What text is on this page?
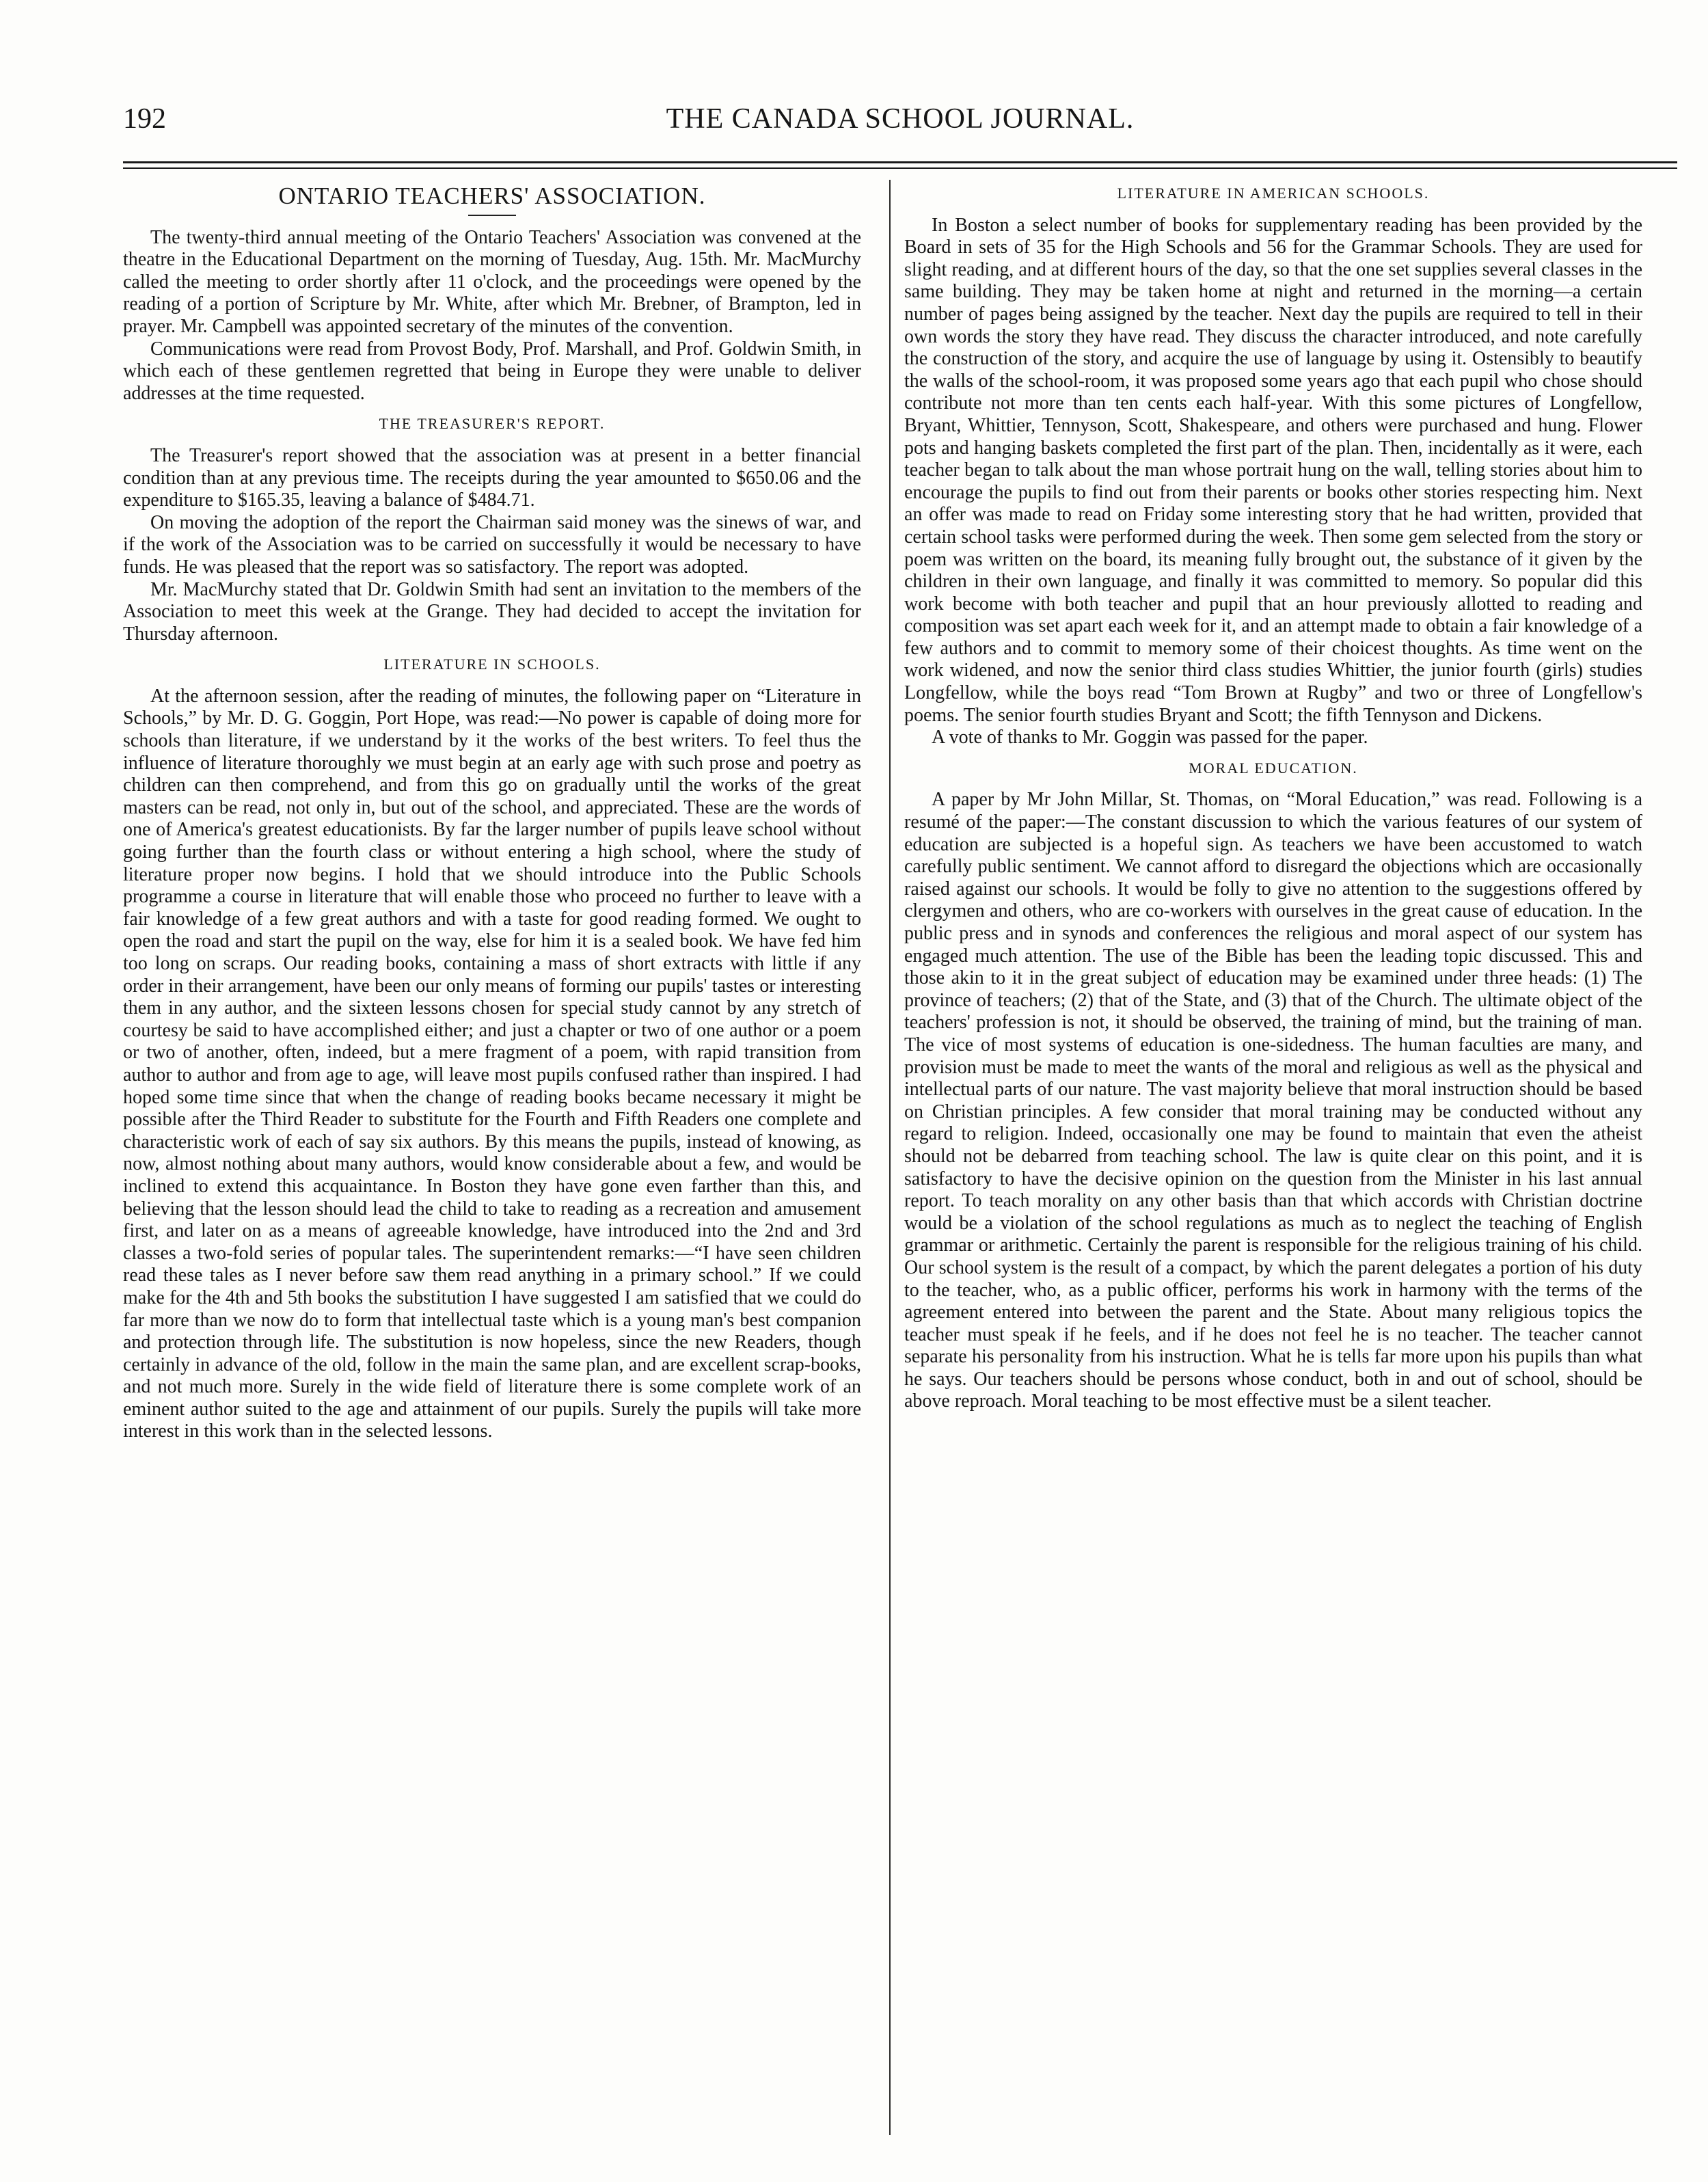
192	THE CANADA SCHOOL JOURNAL.
ONTARIO TEACHERS' ASSOCIATION.

The twenty-third annual meeting of the Ontario Teachers' Association was convened at the theatre in the Educational Department on the morning of Tuesday, Aug. 15th. Mr. MacMurchy called the meeting to order shortly after 11 o'clock, and the proceedings were opened by the reading of a portion of Scripture by Mr. White, after which Mr. Brebner, of Brampton, led in prayer. Mr. Campbell was appointed secretary of the minutes of the convention.

Communications were read from Provost Body, Prof. Marshall, and Prof. Goldwin Smith, in which each of these gentlemen regretted that being in Europe they were unable to deliver addresses at the time requested.

THE TREASURER'S REPORT.

The Treasurer's report showed that the association was at present in a better financial condition than at any previous time. The receipts during the year amounted to $650.06 and the expenditure to $165.35, leaving a balance of $484.71.

On moving the adoption of the report the Chairman said money was the sinews of war, and if the work of the Association was to be carried on successfully it would be necessary to have funds. He was pleased that the report was so satisfactory. The report was adopted.

Mr. MacMurchy stated that Dr. Goldwin Smith had sent an invitation to the members of the Association to meet this week at the Grange. They had decided to accept the invitation for Thursday afternoon.

LITERATURE IN SCHOOLS.

At the afternoon session, after the reading of minutes, the following paper on “Literature in Schools,” by Mr. D. G. Goggin, Port Hope, was read:—No power is capable of doing more for schools than literature, if we understand by it the works of the best writers. To feel thus the influence of literature thoroughly we must begin at an early age with such prose and poetry as children can then comprehend, and from this go on gradually until the works of the great masters can be read, not only in, but out of the school, and appreciated. These are the words of one of America's greatest educationists. By far the larger number of pupils leave school without going further than the fourth class or without entering a high school, where the study of literature proper now begins. I hold that we should introduce into the Public Schools programme a course in literature that will enable those who proceed no further to leave with a fair knowledge of a few great authors and with a taste for good reading formed. We ought to open the road and start the pupil on the way, else for him it is a sealed book. We have fed him too long on scraps. Our reading books, containing a mass of short extracts with little if any order in their arrangement, have been our only means of forming our pupils' tastes or interesting them in any author, and the sixteen lessons chosen for special study cannot by any stretch of courtesy be said to have accomplished either; and just a chapter or two of one author or a poem or two of another, often, indeed, but a mere fragment of a poem, with rapid transition from author to author and from age to age, will leave most pupils confused rather than inspired. I had hoped some time since that when the change of reading books became necessary it might be possible after the Third Reader to substitute for the Fourth and Fifth Readers one complete and characteristic work of each of say six authors. By this means the pupils, instead of knowing, as now, almost nothing about many authors, would know considerable about a few, and would be inclined to extend this acquaintance. In Boston they have gone even farther than this, and believing that the lesson should lead the child to take to reading as a recreation and amusement first, and later on as a means of agreeable knowledge, have introduced into the 2nd and 3rd classes a two-fold series of popular tales. The superintendent remarks:—“I have seen children read these tales as I never before saw them read anything in a primary school.” If we could make for the 4th and 5th books the substitution I have suggested I am satisfied that we could do far more than we now do to form that intellectual taste which is a young man's best companion and protection through life. The substitution is now hopeless, since the new Readers, though certainly in advance of the old, follow in the main the same plan, and are excellent scrap-books, and not much more. Surely in the wide field of literature there is some complete work of an eminent author suited to the age and attainment of our pupils. Surely the pupils will take more interest in this work than in the selected lessons.

LITERATURE IN AMERICAN SCHOOLS.

In Boston a select number of books for supplementary reading has been provided by the Board in sets of 35 for the High Schools and 56 for the Grammar Schools. They are used for slight reading, and at different hours of the day, so that the one set supplies several classes in the same building. They may be taken home at night and returned in the morning—a certain number of pages being assigned by the teacher. Next day the pupils are required to tell in their own words the story they have read. They discuss the character introduced, and note carefully the construction of the story, and acquire the use of language by using it. Ostensibly to beautify the walls of the school-room, it was proposed some years ago that each pupil who chose should contribute not more than ten cents each half-year. With this some pictures of Longfellow, Bryant, Whittier, Tennyson, Scott, Shakespeare, and others were purchased and hung. Flower pots and hanging baskets completed the first part of the plan. Then, incidentally as it were, each teacher began to talk about the man whose portrait hung on the wall, telling stories about him to encourage the pupils to find out from their parents or books other stories respecting him. Next an offer was made to read on Friday some interesting story that he had written, provided that certain school tasks were performed during the week. Then some gem selected from the story or poem was written on the board, its meaning fully brought out, the substance of it given by the children in their own language, and finally it was committed to memory. So popular did this work become with both teacher and pupil that an hour previously allotted to reading and composition was set apart each week for it, and an attempt made to obtain a fair knowledge of a few authors and to commit to memory some of their choicest thoughts. As time went on the work widened, and now the senior third class studies Whittier, the junior fourth (girls) studies Longfellow, while the boys read “Tom Brown at Rugby” and two or three of Longfellow's poems. The senior fourth studies Bryant and Scott; the fifth Tennyson and Dickens.

A vote of thanks to Mr. Goggin was passed for the paper.

MORAL EDUCATION.

A paper by Mr John Millar, St. Thomas, on “Moral Education,” was read. Following is a resumé of the paper:—The constant discussion to which the various features of our system of education are subjected is a hopeful sign. As teachers we have been accustomed to watch carefully public sentiment. We cannot afford to disregard the objections which are occasionally raised against our schools. It would be folly to give no attention to the suggestions offered by clergymen and others, who are co-workers with ourselves in the great cause of education. In the public press and in synods and conferences the religious and moral aspect of our system has engaged much attention. The use of the Bible has been the leading topic discussed. This and those akin to it in the great subject of education may be examined under three heads: (1) The province of teachers; (2) that of the State, and (3) that of the Church. The ultimate object of the teachers' profession is not, it should be observed, the training of mind, but the training of man. The vice of most systems of education is one-sidedness. The human faculties are many, and provision must be made to meet the wants of the moral and religious as well as the physical and intellectual parts of our nature. The vast majority believe that moral instruction should be based on Christian principles. A few consider that moral training may be conducted without any regard to religion. Indeed, occasionally one may be found to maintain that even the atheist should not be debarred from teaching school. The law is quite clear on this point, and it is satisfactory to have the decisive opinion on the question from the Minister in his last annual report. To teach morality on any other basis than that which accords with Christian doctrine would be a violation of the school regulations as much as to neglect the teaching of English grammar or arithmetic. Certainly the parent is responsible for the religious training of his child. Our school system is the result of a compact, by which the parent delegates a portion of his duty to the teacher, who, as a public officer, performs his work in harmony with the terms of the agreement entered into between the parent and the State. About many religious topics the teacher must speak if he feels, and if he does not feel he is no teacher. The teacher cannot separate his personality from his instruction. What he is tells far more upon his pupils than what he says. Our teachers should be persons whose conduct, both in and out of school, should be above reproach. Moral teaching to be most effective must be a silent teacher.
